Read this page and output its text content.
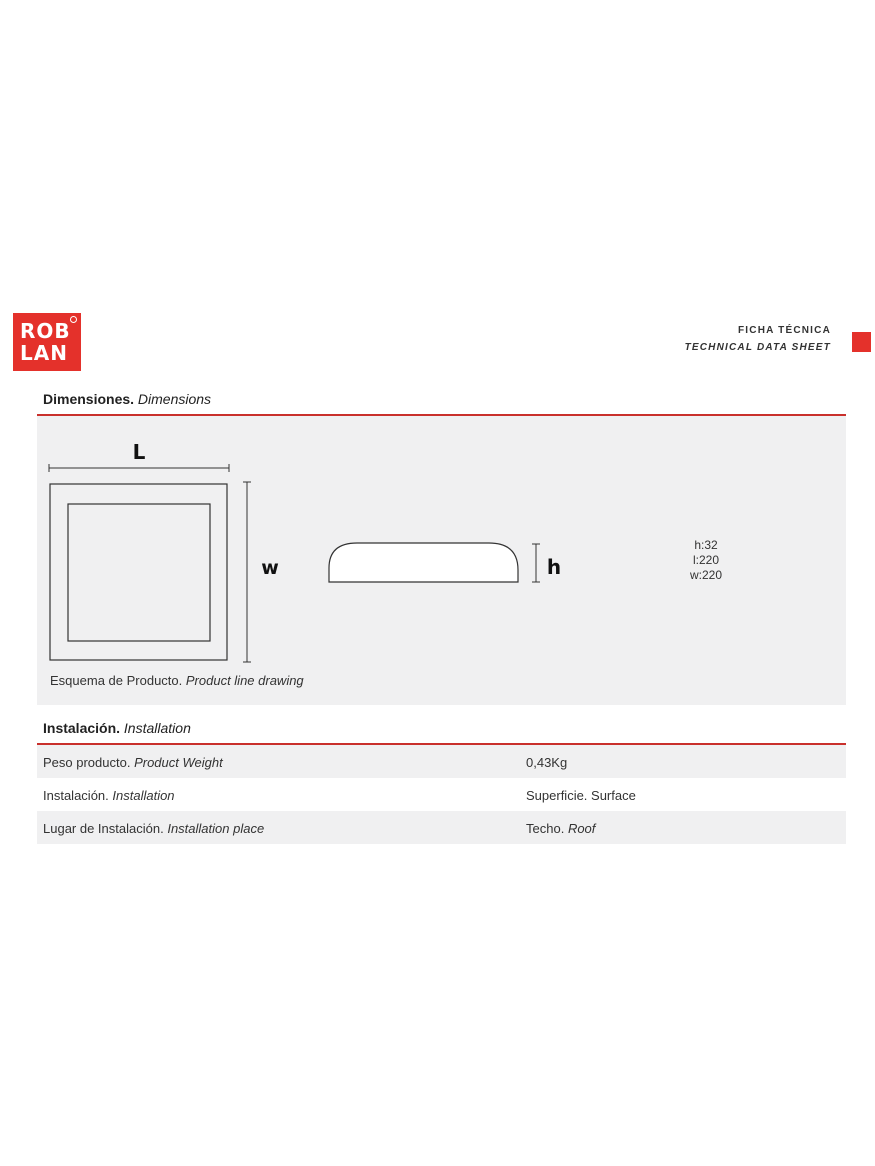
ROB
LAN
FICHA TÉCNICA
TECHNICAL DATA SHEET
Dimensiones. Dimensions
L
w	h
h:32
l:220
w:220
Esquema de Producto. Product line drawing
Instalación. Installation
Peso producto. Product Weight	0,43Kg
Instalación. Installation	Superficie. Surface
Lugar de Instalación. Installation place	Techo. Roof
